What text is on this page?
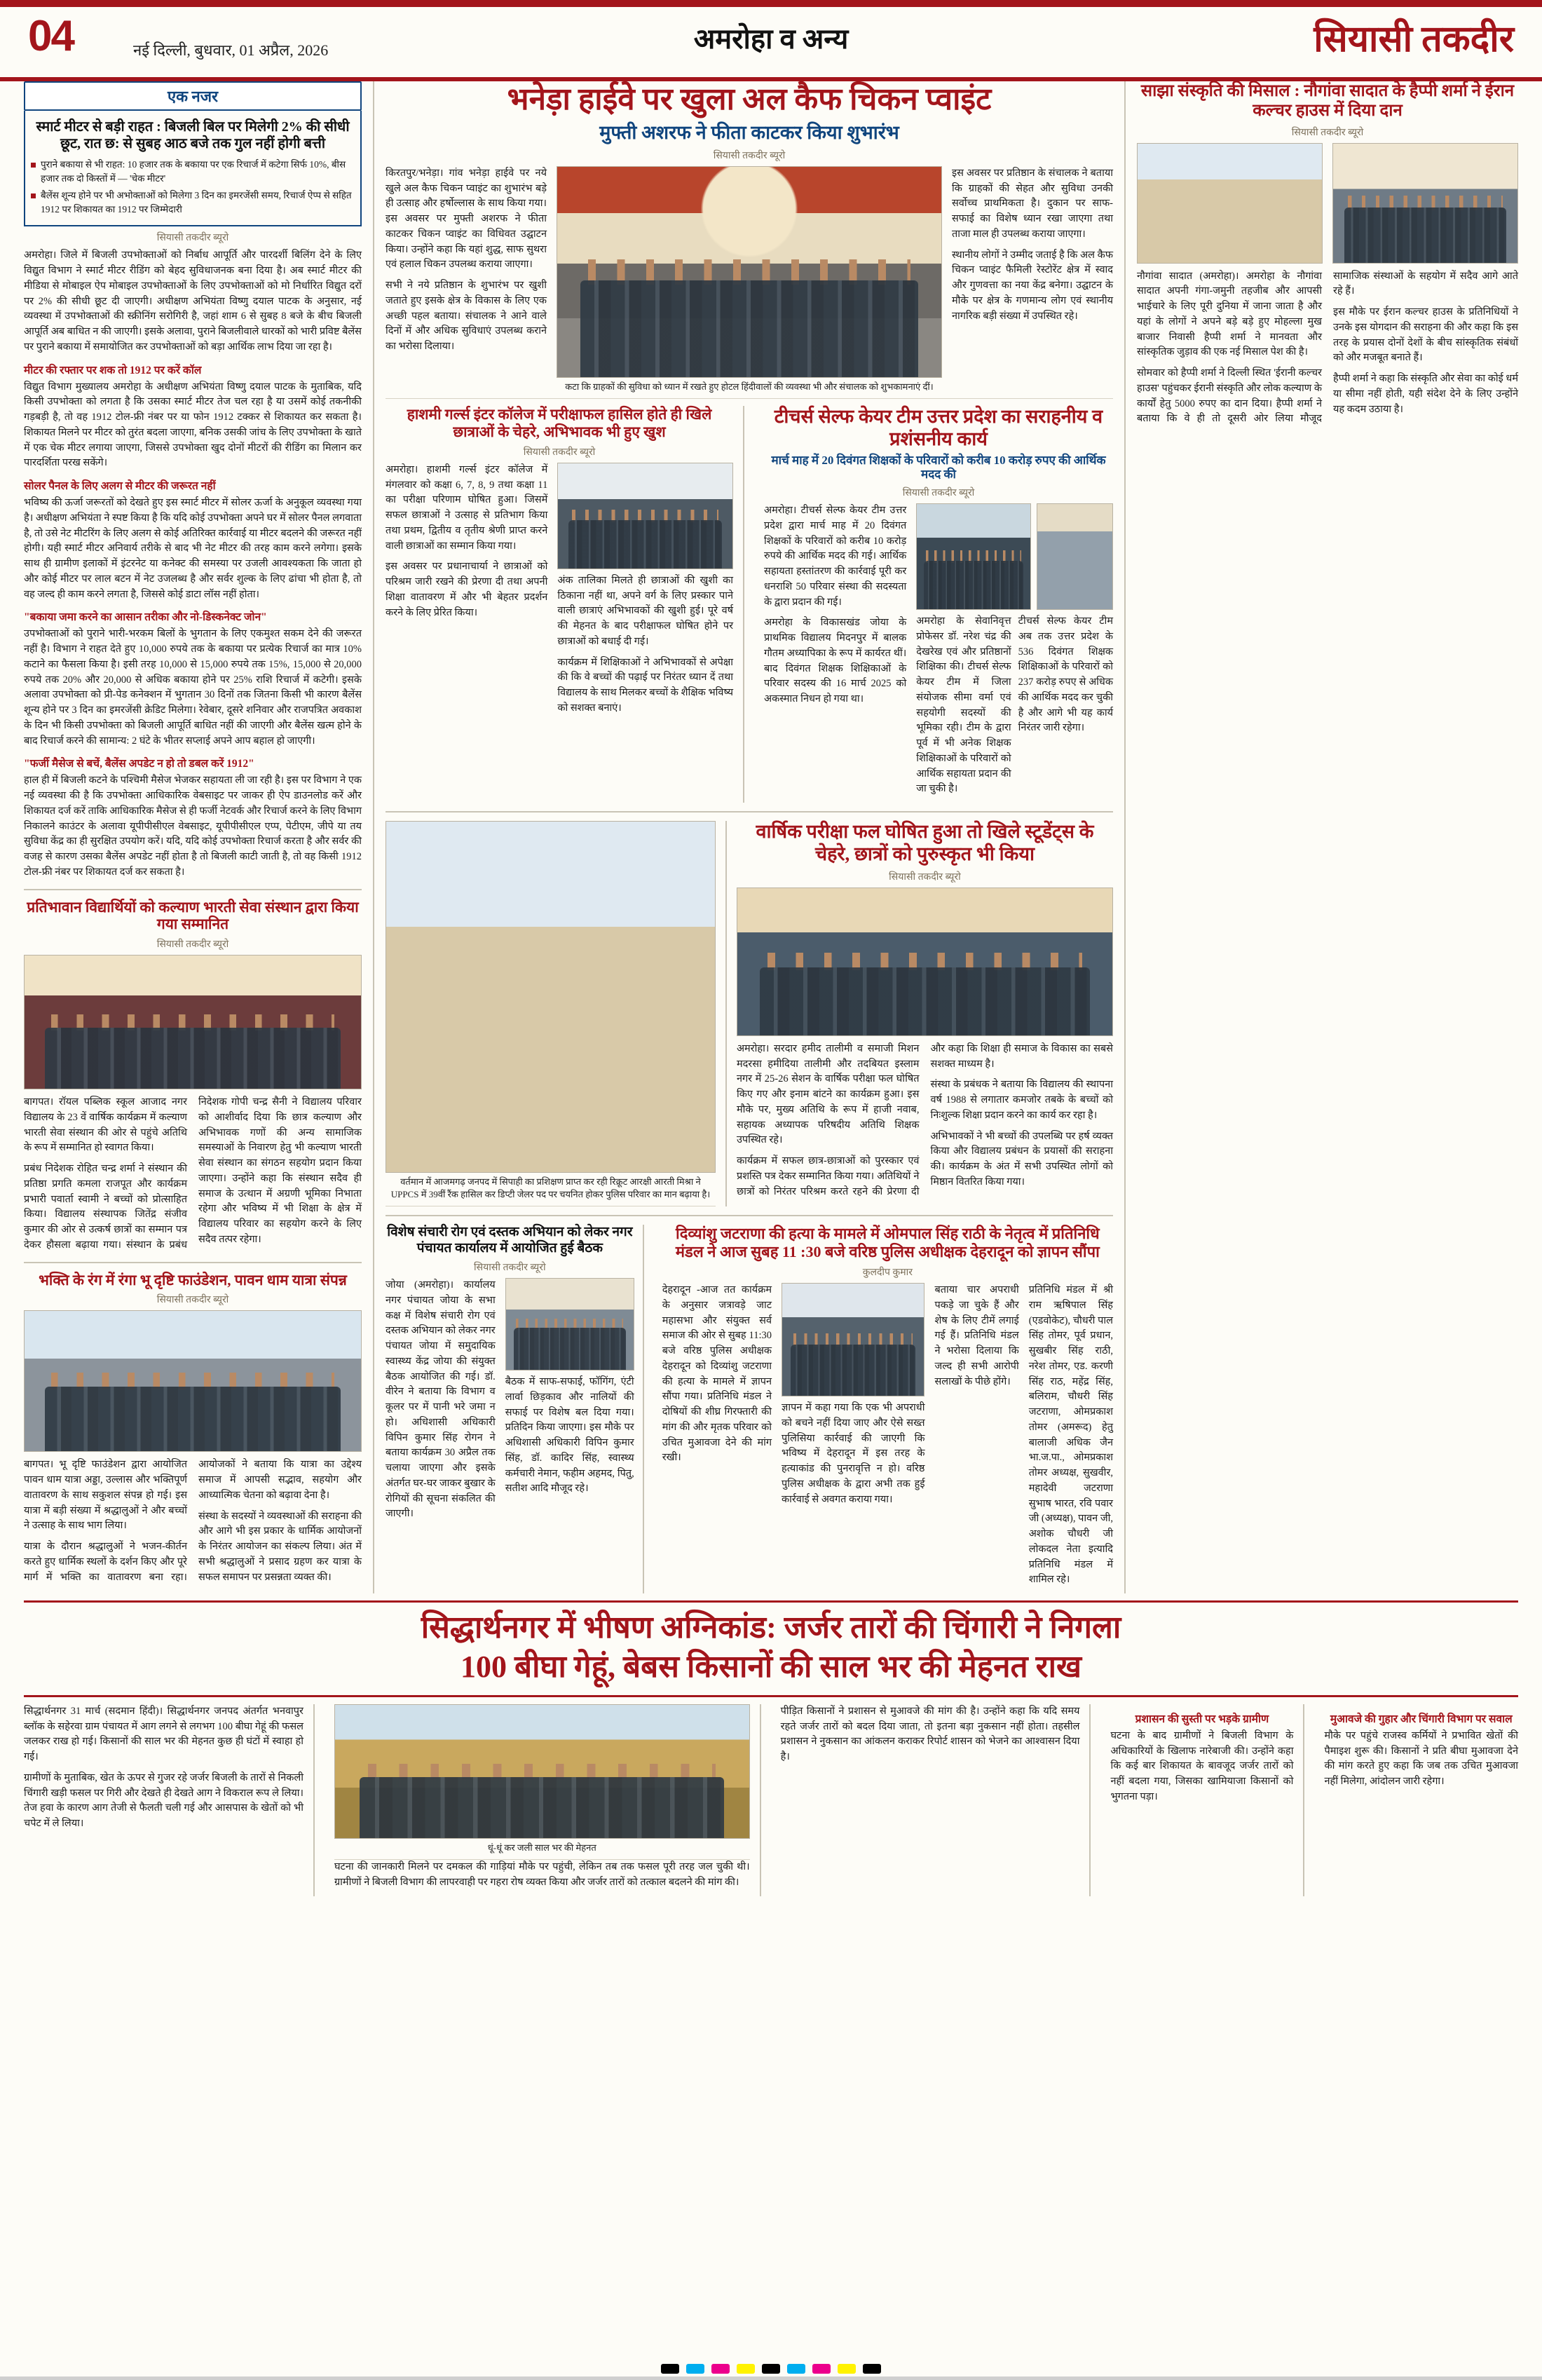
04	नई दिल्ली, बुधवार, 01 अप्रैल, 2026	अमरोहा व अन्य	सियासी तकदीर
एक नजर
स्मार्ट मीटर से बड़ी राहत : बिजली बिल पर मिलेगी 2% की सीधी छूट, रात छ: से सुबह आठ बजे तक गुल नहीं होगी बत्ती
पुराने बकाया से भी राहत: 10 हजार तक के बकाया पर एक रिचार्ज में कटेगा सिर्फ 10%, बीस हजार तक दो किस्तों में — 'चेक मीटर'
बैलेंस शून्य होने पर भी अभोक्ताओं को मिलेगा 3 दिन का इमरजेंसी समय, रिचार्ज ऐप्प से सहित 1912 पर शिकायत का 1912 पर जिम्मेदारी
सियासी तकदीर ब्यूरो

अमरोहा। जिले में बिजली उपभोक्ताओं को निर्बाध आपूर्ति और पारदर्शी बिलिंग देने के लिए विद्युत विभाग ने स्मार्ट मीटर रीडिंग को बेहद सुविधाजनक बना दिया है। अब स्मार्ट मीटर की मीडिया से मोबाइल ऐप मोबाइल उपभोक्ताओं के लिए उपभोक्ताओं को मो निर्धारित विद्युत दरों पर 2% की सीधी छूट दी जाएगी। अधीक्षण अभियंता विष्णु दयाल पाटक के अनुसार, नई व्यवस्था में उपभोक्ताओं की स्क्रीनिंग सरोगिरी है, जहां शाम 6 से सुबह 8 बजे के बीच बिजली आपूर्ति अब बाधित न की जाएगी। इसके अलावा, पुराने बिजलीवाले धारकों को भारी प्रविष्ट बैलेंस पर पुराने बकाया में समायोजित कर उपभोक्ताओं को बड़ा आर्थिक लाभ दिया जा रहा है।

मीटर की रफ्तार पर शक तो 1912 पर करें कॉल

विद्युत विभाग मुख्यालय अमरोहा के अधीक्षण अभियंता विष्णु दयाल पाटक के मुताबिक, यदि किसी उपभोक्ता को लगता है कि उसका स्मार्ट मीटर तेज चल रहा है या उसमें कोई तकनीकी गड़बड़ी है, तो वह 1912 टोल-फ्री नंबर पर या फोन 1912 टक्कर से शिकायत कर सकता है। शिकायत मिलने पर मीटर को तुरंत बदला जाएगा, बनिक उसकी जांच के लिए उपभोक्ता के खाते में एक चेक मीटर लगाया जाएगा, जिससे उपभोक्ता खुद दोनों मीटरों की रीडिंग का मिलान कर पारदर्शिता परख सकेंगे।

सोलर पैनल के लिए अलग से मीटर की जरूरत नहीं

भविष्य की ऊर्जा जरूरतों को देखते हुए इस स्मार्ट मीटर में सोलर ऊर्जा के अनुकूल व्यवस्था गया है। अधीक्षण अभियंता ने स्पष्ट किया है कि यदि कोई उपभोक्ता अपने घर में सोलर पैनल लगवाता है, तो उसे नेट मीटरिंग के लिए अलग से कोई अतिरिक्त कार्रवाई या मीटर बदलने की जरूरत नहीं होगी। यही स्मार्ट मीटर अनिवार्य तरीके से बाद भी नेट मीटर की तरह काम करने लगेगा। इसके साथ ही ग्रामीण इलाकों में इंटरनेट या कनेक्ट की समस्या पर उजली आवश्यकता कि जाता हो और कोई मीटर पर लाल बटन में नेट उजलब्ध है और सर्वर शुल्क के लिए ढांचा भी होता है, तो वह जल्द ही काम करने लगता है, जिससे कोई डाटा लॉस नहीं होता।

"बकाया जमा करने का आसान तरीका और नो-डिस्कनेक्ट जोन"

उपभोक्ताओं को पुराने भारी-भरकम बिलों के भुगतान के लिए एकमुश्त सकम देने की जरूरत नहीं है। विभाग ने राहत देते हुए 10,000 रुपये तक के बकाया पर प्रत्येक रिचार्ज का मात्र 10% कटाने का फैसला किया है। इसी तरह 10,000 से 15,000 रुपये तक 15%, 15,000 से 20,000 रुपये तक 20% और 20,000 से अधिक बकाया होने पर 25% राशि रिचार्ज में कटेगी। इसके अलावा उपभोक्ता को प्री-पेड कनेक्शन में भुगतान 30 दिनों तक जितना किसी भी कारण बैलेंस शून्य होने पर 3 दिन का इमरजेंसी क्रेडिट मिलेगा। रेवेबार, दूसरे शनिवार और राजपत्रित अवकाश के दिन भी किसी उपभोक्ता को बिजली आपूर्ति बाधित नहीं की जाएगी और बैलेंस खत्म होने के बाद रिचार्ज करने की सामान्य: 2 घंटे के भीतर सप्लाई अपने आप बहाल हो जाएगी।

"फर्जी मैसेज से बचें, बैलेंस अपडेट न हो तो डबल करें 1912"

हाल ही में बिजली कटने के पश्चिमी मैसेज भेजकर सहायता ली जा रही है। इस पर विभाग ने एक नई व्यवस्था की है कि उपभोक्ता आधिकारिक वेबसाइट पर जाकर ही ऐप डाउनलोड करें और शिकायत दर्ज करें ताकि आधिकारिक मैसेज से ही फर्जी नेटवर्क और रिचार्ज करने के लिए विभाग निकालने काउंटर के अलावा यूपीपीसीएल वेबसाइट, यूपीपीसीएल एप्प, पेटीएम, जीपे या तय सुविधा केंद्र का ही सुरक्षित उपयोग करें। यदि, यदि कोई उपभोक्ता रिचार्ज करता है और सर्वर की वजह से कारण उसका बैलेंस अपडेट नहीं होता है तो बिजली काटी जाती है, तो वह किसी 1912 टोल-फ्री नंबर पर शिकायत दर्ज कर सकता है।

प्रतिभावान विद्यार्थियों को कल्याण भारती सेवा संस्थान द्वारा किया गया सम्मानित
सियासी तकदीर ब्यूरो

बागपत। रॉयल पब्लिक स्कूल आजाद नगर विद्यालय के 23 वें वार्षिक कार्यक्रम में कल्याण भारती सेवा संस्थान की ओर से पहुंचे अतिथि के रूप में सम्मानित हो स्वागत किया।

प्रबंध निदेशक रोहित चन्द्र शर्मा ने संस्थान की प्रतिष्ठा प्रगति कमला राजपूत और कार्यक्रम प्रभारी पवार्ता स्वामी ने बच्चों को प्रोत्साहित किया। विद्यालय संस्थापक जितेंद्र संजीव कुमार की ओर से उत्कर्ष छात्रों का सम्मान पत्र देकर हौसला बढ़ाया गया। संस्थान के प्रबंध निदेशक गोपी चन्द्र सैनी ने विद्यालय परिवार को आशीर्वाद दिया कि छात्र कल्याण और अभिभावक गणों की अन्य सामाजिक समस्याओं के निवारण हेतु भी कल्याण भारती सेवा संस्थान का संगठन सहयोग प्रदान किया जाएगा। उन्होंने कहा कि संस्थान सदैव ही समाज के उत्थान में अग्रणी भूमिका निभाता रहेगा और भविष्य में भी शिक्षा के क्षेत्र में विद्यालय परिवार का सहयोग करने के लिए सदैव तत्पर रहेगा।

भक्ति के रंग में रंगा भू दृष्टि फाउंडेशन, पावन धाम यात्रा संपन्न
सियासी तकदीर ब्यूरो

बागपत। भू दृष्टि फाउंडेशन द्वारा आयोजित पावन धाम यात्रा अड्डा, उल्लास और भक्तिपूर्ण वातावरण के साथ सकुशल संपन्न हो गई। इस यात्रा में बड़ी संख्या में श्रद्धालुओं ने और बच्चों ने उत्साह के साथ भाग लिया।

यात्रा के दौरान श्रद्धालुओं ने भजन-कीर्तन करते हुए धार्मिक स्थलों के दर्शन किए और पूरे मार्ग में भक्ति का वातावरण बना रहा। आयोजकों ने बताया कि यात्रा का उद्देश्य समाज में आपसी सद्भाव, सहयोग और आध्यात्मिक चेतना को बढ़ावा देना है।

संस्था के सदस्यों ने व्यवस्थाओं की सराहना की और आगे भी इस प्रकार के धार्मिक आयोजनों के निरंतर आयोजन का संकल्प लिया। अंत में सभी श्रद्धालुओं ने प्रसाद ग्रहण कर यात्रा के सफल समापन पर प्रसन्नता व्यक्त की।

भनेड़ा हाईवे पर खुला अल कैफ चिकन प्वाइंट
मुफ्ती अशरफ ने फीता काटकर किया शुभारंभ
सियासी तकदीर ब्यूरो

किरतपुर/भनेड़ा। गांव भनेड़ा हाईवे पर नये खुले अल कैफ चिकन प्वाइंट का शुभारंभ बड़े ही उत्साह और हर्षोल्लास के साथ किया गया। इस अवसर पर मुफ्ती अशरफ ने फीता काटकर चिकन प्वाइंट का विधिवत उद्घाटन किया। उन्होंने कहा कि यहां शुद्ध, साफ सुथरा एवं हलाल चिकन उपलब्ध कराया जाएगा।

सभी ने नये प्रतिष्ठान के शुभारंभ पर खुशी जताते हुए इसके क्षेत्र के विकास के लिए एक अच्छी पहल बताया। संचालक ने आने वाले दिनों में और अधिक सुविधाएं उपलब्ध कराने का भरोसा दिलाया।

इस अवसर पर प्रतिष्ठान के संचालक ने बताया कि ग्राहकों की सेहत और सुविधा उनकी सर्वोच्च प्राथमिकता है। दुकान पर साफ-सफाई का विशेष ध्यान रखा जाएगा तथा ताजा माल ही उपलब्ध कराया जाएगा।

स्थानीय लोगों ने उम्मीद जताई है कि अल कैफ चिकन प्वाइंट फैमिली रेस्टोरेंट क्षेत्र में स्वाद और गुणवत्ता का नया केंद्र बनेगा। उद्घाटन के मौके पर क्षेत्र के गणमान्य लोग एवं स्थानीय नागरिक बड़ी संख्या में उपस्थित रहे।

कटा कि ग्राहकों की सुविधा को ध्यान में रखते हुए होटल हिंदीवालों की व्यवस्था भी और संचालक को शुभकामनाएं दीं।
हाशमी गर्ल्स इंटर कॉलेज में परीक्षाफल हासिल होते ही खिले छात्राओं के चेहरे, अभिभावक भी हुए खुश
सियासी तकदीर ब्यूरो

अमरोहा। हाशमी गर्ल्स इंटर कॉलेज में मंगलवार को कक्षा 6, 7, 8, 9 तथा कक्षा 11 का परीक्षा परिणाम घोषित हुआ। जिसमें सफल छात्राओं ने उत्साह से प्रतिभाग किया तथा प्रथम, द्वितीय व तृतीय श्रेणी प्राप्त करने वाली छात्राओं का सम्मान किया गया।

इस अवसर पर प्रधानाचार्या ने छात्राओं को परिश्रम जारी रखने की प्रेरणा दी तथा अपनी शिक्षा वातावरण में और भी बेहतर प्रदर्शन करने के लिए प्रेरित किया।

अंक तालिका मिलते ही छात्राओं की खुशी का ठिकाना नहीं था, अपने वर्ग के लिए प्रस्कार पाने वाली छात्राएं अभिभावकों की खुशी हुई। पूरे वर्ष की मेहनत के बाद परीक्षाफल घोषित होने पर छात्राओं को बधाई दी गई।

कार्यक्रम में शिक्षिकाओं ने अभिभावकों से अपेक्षा की कि वे बच्चों की पढ़ाई पर निरंतर ध्यान दें तथा विद्यालय के साथ मिलकर बच्चों के शैक्षिक भविष्य को सशक्त बनाएं।

टीचर्स सेल्फ केयर टीम उत्तर प्रदेश का सराहनीय व प्रशंसनीय कार्य
मार्च माह में 20 दिवंगत शिक्षकों के परिवारों को करीब 10 करोड़ रुपए की आर्थिक मदद की
सियासी तकदीर ब्यूरो

अमरोहा। टीचर्स सेल्फ केयर टीम उत्तर प्रदेश द्वारा मार्च माह में 20 दिवंगत शिक्षकों के परिवारों को करीब 10 करोड़ रुपये की आर्थिक मदद की गई। आर्थिक सहायता हस्तांतरण की कार्रवाई पूरी कर धनराशि 50 परिवार संस्था की सदस्यता के द्वारा प्रदान की गई।

अमरोहा के विकासखंड जोया के प्राथमिक विद्यालय मिदनपुर में बालक गौतम अध्यापिका के रूप में कार्यरत थीं। बाद दिवंगत शिक्षक शिक्षिकाओं के परिवार सदस्य की 16 मार्च 2025 को अकस्मात निधन हो गया था।

अमरोहा के सेवानिवृत्त प्रोफेसर डॉ. नरेश चंद्र की देखरेख एवं और प्रतिष्ठानों शिक्षिका की। टीचर्स सेल्फ केयर टीम में जिला संयोजक सीमा वर्मा एवं सहयोगी सदस्यों की भूमिका रही। टीम के द्वारा पूर्व में भी अनेक शिक्षक शिक्षिकाओं के परिवारों को आर्थिक सहायता प्रदान की जा चुकी है।

टीचर्स सेल्फ केयर टीम अब तक उत्तर प्रदेश के 536 दिवंगत शिक्षक शिक्षिकाओं के परिवारों को 237 करोड़ रुपए से अधिक की आर्थिक मदद कर चुकी है और आगे भी यह कार्य निरंतर जारी रहेगा।

वर्तमान में आजमगढ़ जनपद में सिपाही का प्रशिक्षण प्राप्त कर रही रिक्रूट आरक्षी आरती मिश्रा ने UPPCS में 39वीं रैंक हासिल कर डिप्टी जेलर पद पर चयनित होकर पुलिस परिवार का मान बढ़ाया है।
वार्षिक परीक्षा फल घोषित हुआ तो खिले स्टूडेंट्स के चेहरे, छात्रों को पुरुस्कृत भी किया
सियासी तकदीर ब्यूरो

अमरोहा। सरदार हमीद तालीमी व समाजी मिशन मदरसा हमीदिया तालीमी और तदबियत इस्लाम नगर में 25-26 सेशन के वार्षिक परीक्षा फल घोषित किए गए और इनाम बांटने का कार्यक्रम हुआ। इस मौके पर, मुख्य अतिथि के रूप में हाजी नवाब, सहायक अध्यापक परिषदीय अतिथि शिक्षक उपस्थित रहे।

कार्यक्रम में सफल छात्र-छात्राओं को पुरस्कार एवं प्रशस्ति पत्र देकर सम्मानित किया गया। अतिथियों ने छात्रों को निरंतर परिश्रम करते रहने की प्रेरणा दी और कहा कि शिक्षा ही समाज के विकास का सबसे सशक्त माध्यम है।

संस्था के प्रबंधक ने बताया कि विद्यालय की स्थापना वर्ष 1988 से लगातार कमजोर तबके के बच्चों को निःशुल्क शिक्षा प्रदान करने का कार्य कर रहा है।

अभिभावकों ने भी बच्चों की उपलब्धि पर हर्ष व्यक्त किया और विद्यालय प्रबंधन के प्रयासों की सराहना की। कार्यक्रम के अंत में सभी उपस्थित लोगों को मिष्ठान वितरित किया गया।

विशेष संचारी रोग एवं दस्तक अभियान को लेकर नगर पंचायत कार्यालय में आयोजित हुई बैठक
सियासी तकदीर ब्यूरो

जोया (अमरोहा)। कार्यालय नगर पंचायत जोया के सभा कक्ष में विशेष संचारी रोग एवं दस्तक अभियान को लेकर नगर पंचायत जोया में समुदायिक स्वास्थ्य केंद्र जोया की संयुक्त बैठक आयोजित की गई। डॉ. वीरेन ने बताया कि विभाग व कूलर पर में पानी भरे जमा न हो। अधिशासी अधिकारी विपिन कुमार सिंह रोगन ने बताया कार्यक्रम 30 अप्रैल तक चलाया जाएगा और इसके अंतर्गत घर-घर जाकर बुखार के रोगियों की सूचना संकलित की जाएगी।

बैठक में साफ-सफाई, फॉगिंग, एंटी लार्वा छिड़काव और नालियों की सफाई पर विशेष बल दिया गया। प्रतिदिन किया जाएगा। इस मौके पर अधिशासी अधिकारी विपिन कुमार सिंह, डॉ. कादिर सिंह, स्वास्थ्य कर्मचारी नेमान, फहीम अहमद, पितु, सतीश आदि मौजूद रहे।

दिव्यांशु जटराणा की हत्या के मामले में ओमपाल सिंह राठी के नेतृत्व में प्रतिनिधि मंडल ने आज सुबह 11 :30 बजे वरिष्ठ पुलिस अधीक्षक देहरादून को ज्ञापन सौंपा
कुलदीप कुमार

देहरादून -आज तत कार्यक्रम के अनुसार जत्रावड़े जाट महासभा और संयुक्त सर्व समाज की ओर से सुबह 11:30 बजे वरिष्ठ पुलिस अधीक्षक देहरादून को दिव्यांशु जटराणा की हत्या के मामले में ज्ञापन सौंपा गया। प्रतिनिधि मंडल ने दोषियों की शीघ्र गिरफ्तारी की मांग की और मृतक परिवार को उचित मुआवजा देने की मांग रखी।

ज्ञापन में कहा गया कि एक भी अपराधी को बचने नहीं दिया जाए और ऐसे सख्त पुलिसिया कार्रवाई की जाएगी कि भविष्य में देहरादून में इस तरह के हत्याकांड की पुनरावृत्ति न हो। वरिष्ठ पुलिस अधीक्षक के द्वारा अभी तक हुई कार्रवाई से अवगत कराया गया।

बताया चार अपराधी पकड़े जा चुके हैं और शेष के लिए टीमें लगाई गई हैं। प्रतिनिधि मंडल ने भरोसा दिलाया कि जल्द ही सभी आरोपी सलाखों के पीछे होंगे।

प्रतिनिधि मंडल में श्री राम ऋषिपाल सिंह (एडवोकेट), चौधरी पाल सिंह तोमर, पूर्व प्रधान, सुखबीर सिंह राठी, नरेश तोमर, एड. करणी सिंह राठ, महेंद्र सिंह, बलिराम, चौधरी सिंह जटराणा, ओमप्रकाश तोमर (अमरूद) हेतु बालाजी अधिक जैन भा.ज.पा., ओमप्रकाश तोमर अध्यक्ष, सुखवीर, महादेवी जटराणा सुभाष भारत, रवि पवार जी (अध्यक्ष), पावन जी, अशोक चौधरी जी लोकदल नेता इत्यादि प्रतिनिधि मंडल में शामिल रहे।

साझा संस्कृति की मिसाल : नौगांवा सादात के हैप्पी शर्मा ने ईरान कल्चर हाउस में दिया दान
सियासी तकदीर ब्यूरो

नौगांवा सादात (अमरोहा)। अमरोहा के नौगांवा सादात अपनी गंगा-जमुनी तहजीब और आपसी भाईचारे के लिए पूरी दुनिया में जाना जाता है और यहां के लोगों ने अपने बड़े बड़े हुए मोहल्ला मुख बाजार निवासी हैप्पी शर्मा ने मानवता और सांस्कृतिक जुड़ाव की एक नई मिसाल पेश की है।

सोमवार को हैप्पी शर्मा ने दिल्ली स्थित 'ईरानी कल्चर हाउस' पहुंचकर ईरानी संस्कृति और लोक कल्याण के कार्यों हेतु 5000 रुपए का दान दिया। हैप्पी शर्मा ने बताया कि वे ही तो दूसरी ओर लिया मौजूद सामाजिक संस्थाओं के सहयोग में सदैव आगे आते रहे हैं।

इस मौके पर ईरान कल्चर हाउस के प्रतिनिधियों ने उनके इस योगदान की सराहना की और कहा कि इस तरह के प्रयास दोनों देशों के बीच सांस्कृतिक संबंधों को और मजबूत बनाते हैं।

हैप्पी शर्मा ने कहा कि संस्कृति और सेवा का कोई धर्म या सीमा नहीं होती, यही संदेश देने के लिए उन्होंने यह कदम उठाया है।

सिद्धार्थनगर में भीषण अग्निकांड: जर्जर तारों की चिंगारी ने निगला
100 बीघा गेहूं, बेबस किसानों की साल भर की मेहनत राख

सिद्धार्थनगर 31 मार्च (सदमान हिंदी)। सिद्धार्थनगर जनपद अंतर्गत भनवापुर ब्लॉक के सहेरवा ग्राम पंचायत में आग लगने से लगभग 100 बीघा गेहूं की फसल जलकर राख हो गई। किसानों की साल भर की मेहनत कुछ ही घंटों में स्वाहा हो गई।

ग्रामीणों के मुताबिक, खेत के ऊपर से गुजर रहे जर्जर बिजली के तारों से निकली चिंगारी खड़ी फसल पर गिरी और देखते ही देखते आग ने विकराल रूप ले लिया। तेज हवा के कारण आग तेजी से फैलती चली गई और आसपास के खेतों को भी चपेट में ले लिया।

धूं-धूं कर जली साल भर की मेहनत

घटना की जानकारी मिलने पर दमकल की गाड़ियां मौके पर पहुंची, लेकिन तब तक फसल पूरी तरह जल चुकी थी। ग्रामीणों ने बिजली विभाग की लापरवाही पर गहरा रोष व्यक्त किया और जर्जर तारों को तत्काल बदलने की मांग की।

पीड़ित किसानों ने प्रशासन से मुआवजे की मांग की है। उन्होंने कहा कि यदि समय रहते जर्जर तारों को बदल दिया जाता, तो इतना बड़ा नुकसान नहीं होता। तहसील प्रशासन ने नुकसान का आंकलन कराकर रिपोर्ट शासन को भेजने का आश्वासन दिया है।

प्रशासन की सुस्ती पर भड़के ग्रामीण

घटना के बाद ग्रामीणों ने बिजली विभाग के अधिकारियों के खिलाफ नारेबाजी की। उन्होंने कहा कि कई बार शिकायत के बावजूद जर्जर तारों को नहीं बदला गया, जिसका खामियाजा किसानों को भुगतना पड़ा।

मुआवजे की गुहार और चिंगारी विभाग पर सवाल

मौके पर पहुंचे राजस्व कर्मियों ने प्रभावित खेतों की पैमाइश शुरू की। किसानों ने प्रति बीघा मुआवजा देने की मांग करते हुए कहा कि जब तक उचित मुआवजा नहीं मिलेगा, आंदोलन जारी रहेगा।
